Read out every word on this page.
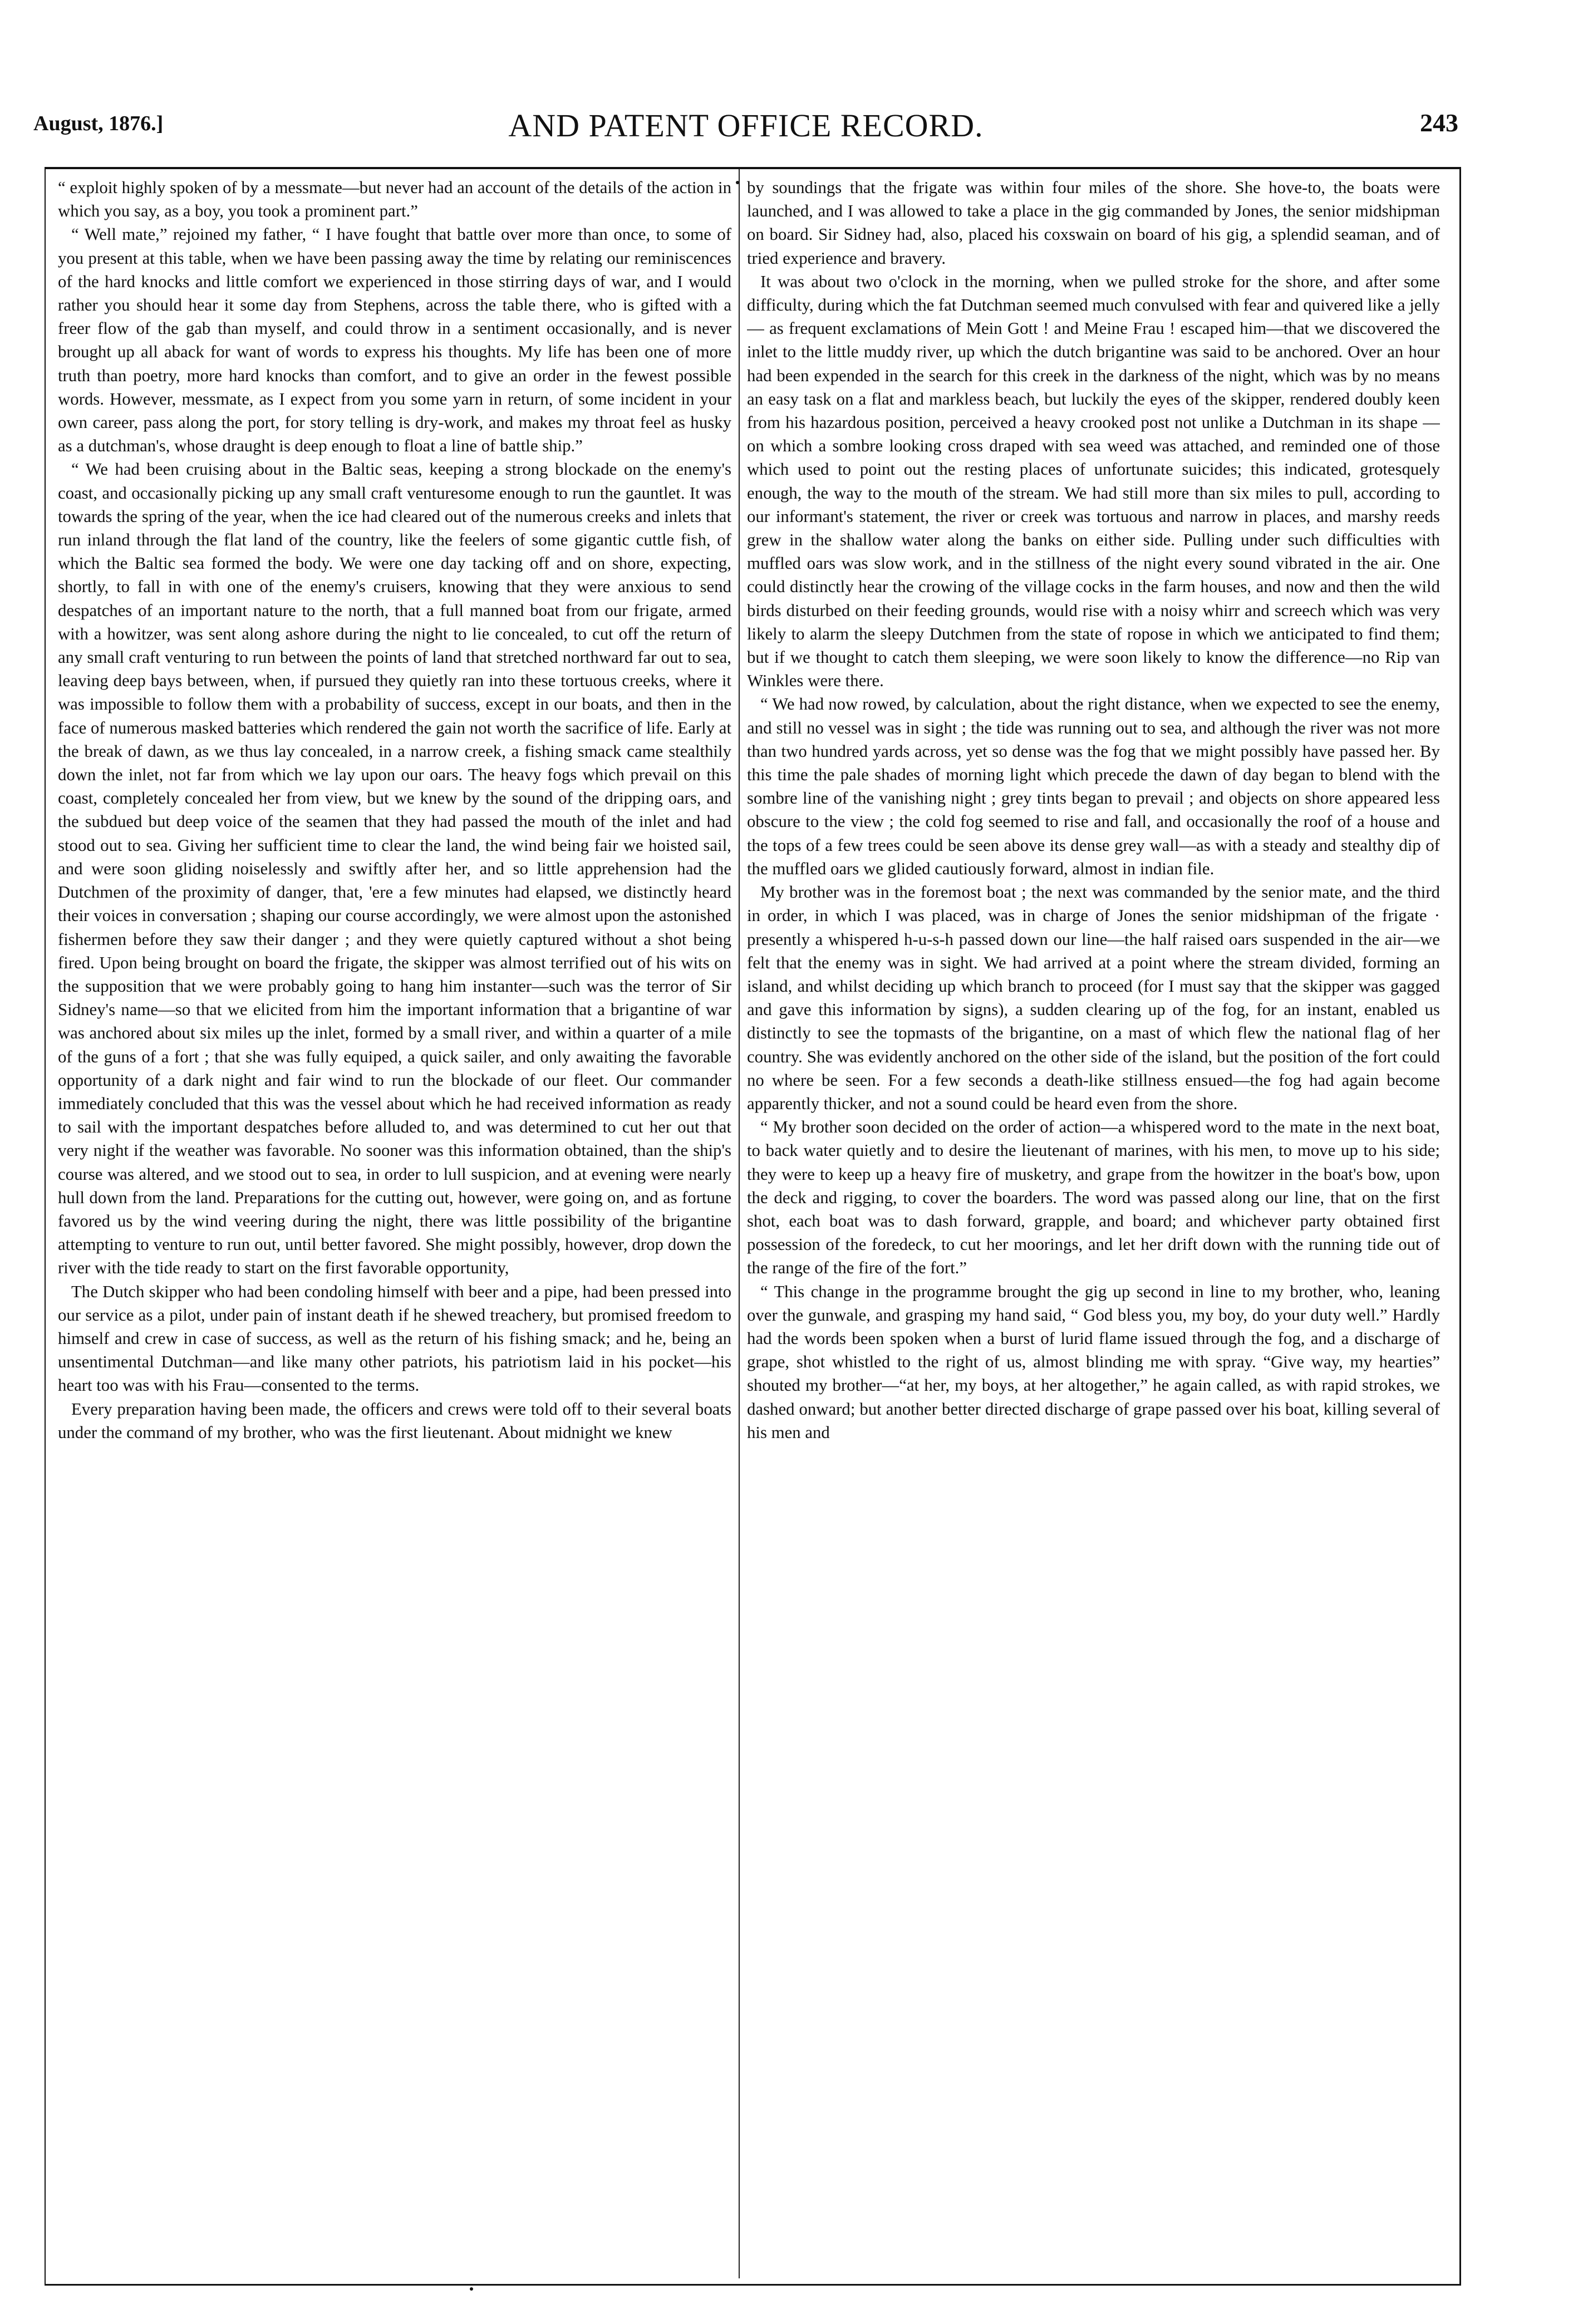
August, 1876.]	AND PATENT OFFICE RECORD.	243

“ exploit highly spoken of by a messmate—but never had an account of the details of the action in which you say, as a boy, you took a prominent part.”

“ Well mate,” rejoined my father, “ I have fought that battle over more than once, to some of you present at this table, when we have been passing away the time by relating our reminiscences of the hard knocks and little comfort we experienced in those stirring days of war, and I would rather you should hear it some day from Stephens, across the table there, who is gifted with a freer flow of the gab than myself, and could throw in a sentiment occasionally, and is never brought up all aback for want of words to express his thoughts. My life has been one of more truth than poetry, more hard knocks than comfort, and to give an order in the fewest possible words. However, messmate, as I expect from you some yarn in return, of some incident in your own career, pass along the port, for story telling is dry-work, and makes my throat feel as husky as a dutchman's, whose draught is deep enough to float a line of battle ship.”

“ We had been cruising about in the Baltic seas, keeping a strong blockade on the enemy's coast, and occasionally picking up any small craft venturesome enough to run the gauntlet. It was towards the spring of the year, when the ice had cleared out of the numerous creeks and inlets that run inland through the flat land of the country, like the feelers of some gigantic cuttle fish, of which the Baltic sea formed the body. We were one day tacking off and on shore, expecting, shortly, to fall in with one of the enemy's cruisers, knowing that they were anxious to send despatches of an important nature to the north, that a full manned boat from our frigate, armed with a howitzer, was sent along ashore during the night to lie concealed, to cut off the return of any small craft venturing to run between the points of land that stretched northward far out to sea, leaving deep bays between, when, if pursued they quietly ran into these tortuous creeks, where it was impossible to follow them with a probability of success, except in our boats, and then in the face of numerous masked batteries which rendered the gain not worth the sacrifice of life. Early at the break of dawn, as we thus lay concealed, in a narrow creek, a fishing smack came stealthily down the inlet, not far from which we lay upon our oars. The heavy fogs which prevail on this coast, completely concealed her from view, but we knew by the sound of the dripping oars, and the subdued but deep voice of the seamen that they had passed the mouth of the inlet and had stood out to sea. Giving her sufficient time to clear the land, the wind being fair we hoisted sail, and were soon gliding noiselessly and swiftly after her, and so little apprehension had the Dutchmen of the proximity of danger, that, 'ere a few minutes had elapsed, we distinctly heard their voices in conversation ; shaping our course accordingly, we were almost upon the astonished fishermen before they saw their danger ; and they were quietly captured without a shot being fired. Upon being brought on board the frigate, the skipper was almost terrified out of his wits on the supposition that we were probably going to hang him instanter—such was the terror of Sir Sidney's name—so that we elicited from him the important information that a brigantine of war was anchored about six miles up the inlet, formed by a small river, and within a quarter of a mile of the guns of a fort ; that she was fully equiped, a quick sailer, and only awaiting the favorable opportunity of a dark night and fair wind to run the blockade of our fleet. Our commander immediately concluded that this was the vessel about which he had received information as ready to sail with the important despatches before alluded to, and was determined to cut her out that very night if the weather was favorable. No sooner was this information obtained, than the ship's course was altered, and we stood out to sea, in order to lull suspicion, and at evening were nearly hull down from the land. Preparations for the cutting out, however, were going on, and as fortune favored us by the wind veering during the night, there was little possibility of the brigantine attempting to venture to run out, until better favored. She might possibly, however, drop down the river with the tide ready to start on the first favorable opportunity,

The Dutch skipper who had been condoling himself with beer and a pipe, had been pressed into our service as a pilot, under pain of instant death if he shewed treachery, but promised freedom to himself and crew in case of success, as well as the return of his fishing smack; and he, being an unsentimental Dutchman—and like many other patriots, his patriotism laid in his pocket—his heart too was with his Frau—consented to the terms.

Every preparation having been made, the officers and crews were told off to their several boats under the command of my brother, who was the first lieutenant. About midnight we knew

by soundings that the frigate was within four miles of the shore. She hove-to, the boats were launched, and I was allowed to take a place in the gig commanded by Jones, the senior midshipman on board. Sir Sidney had, also, placed his coxswain on board of his gig, a splendid seaman, and of tried experience and bravery.

It was about two o'clock in the morning, when we pulled stroke for the shore, and after some difficulty, during which the fat Dutchman seemed much convulsed with fear and quivered like a jelly — as frequent exclamations of Mein Gott ! and Meine Frau ! escaped him—that we discovered the inlet to the little muddy river, up which the dutch brigantine was said to be anchored. Over an hour had been expended in the search for this creek in the darkness of the night, which was by no means an easy task on a flat and markless beach, but luckily the eyes of the skipper, rendered doubly keen from his hazardous position, perceived a heavy crooked post not unlike a Dutchman in its shape — on which a sombre looking cross draped with sea weed was attached, and reminded one of those which used to point out the resting places of unfortunate suicides; this indicated, grotesquely enough, the way to the mouth of the stream. We had still more than six miles to pull, according to our informant's statement, the river or creek was tortuous and narrow in places, and marshy reeds grew in the shallow water along the banks on either side. Pulling under such difficulties with muffled oars was slow work, and in the stillness of the night every sound vibrated in the air. One could distinctly hear the crowing of the village cocks in the farm houses, and now and then the wild birds disturbed on their feeding grounds, would rise with a noisy whirr and screech which was very likely to alarm the sleepy Dutchmen from the state of ropose in which we anticipated to find them; but if we thought to catch them sleeping, we were soon likely to know the difference—no Rip van Winkles were there.

“ We had now rowed, by calculation, about the right distance, when we expected to see the enemy, and still no vessel was in sight ; the tide was running out to sea, and although the river was not more than two hundred yards across, yet so dense was the fog that we might possibly have passed her. By this time the pale shades of morning light which precede the dawn of day began to blend with the sombre line of the vanishing night ; grey tints began to prevail ; and objects on shore appeared less obscure to the view ; the cold fog seemed to rise and fall, and occasionally the roof of a house and the tops of a few trees could be seen above its dense grey wall—as with a steady and stealthy dip of the muffled oars we glided cautiously forward, almost in indian file.

My brother was in the foremost boat ; the next was commanded by the senior mate, and the third in order, in which I was placed, was in charge of Jones the senior midshipman of the frigate · presently a whispered h-u-s-h passed down our line—the half raised oars suspended in the air—we felt that the enemy was in sight. We had arrived at a point where the stream divided, forming an island, and whilst deciding up which branch to proceed (for I must say that the skipper was gagged and gave this information by signs), a sudden clearing up of the fog, for an instant, enabled us distinctly to see the topmasts of the brigantine, on a mast of which flew the national flag of her country. She was evidently anchored on the other side of the island, but the position of the fort could no where be seen. For a few seconds a death-like stillness ensued—the fog had again become apparently thicker, and not a sound could be heard even from the shore.

“ My brother soon decided on the order of action—a whispered word to the mate in the next boat, to back water quietly and to desire the lieutenant of marines, with his men, to move up to his side; they were to keep up a heavy fire of musketry, and grape from the howitzer in the boat's bow, upon the deck and rigging, to cover the boarders. The word was passed along our line, that on the first shot, each boat was to dash forward, grapple, and board; and whichever party obtained first possession of the foredeck, to cut her moorings, and let her drift down with the running tide out of the range of the fire of the fort.”

“ This change in the programme brought the gig up second in line to my brother, who, leaning over the gunwale, and grasping my hand said, “ God bless you, my boy, do your duty well.” Hardly had the words been spoken when a burst of lurid flame issued through the fog, and a discharge of grape, shot whistled to the right of us, almost blinding me with spray. “Give way, my hearties” shouted my brother—“at her, my boys, at her altogether,” he again called, as with rapid strokes, we dashed onward; but another better directed discharge of grape passed over his boat, killing several of his men and
